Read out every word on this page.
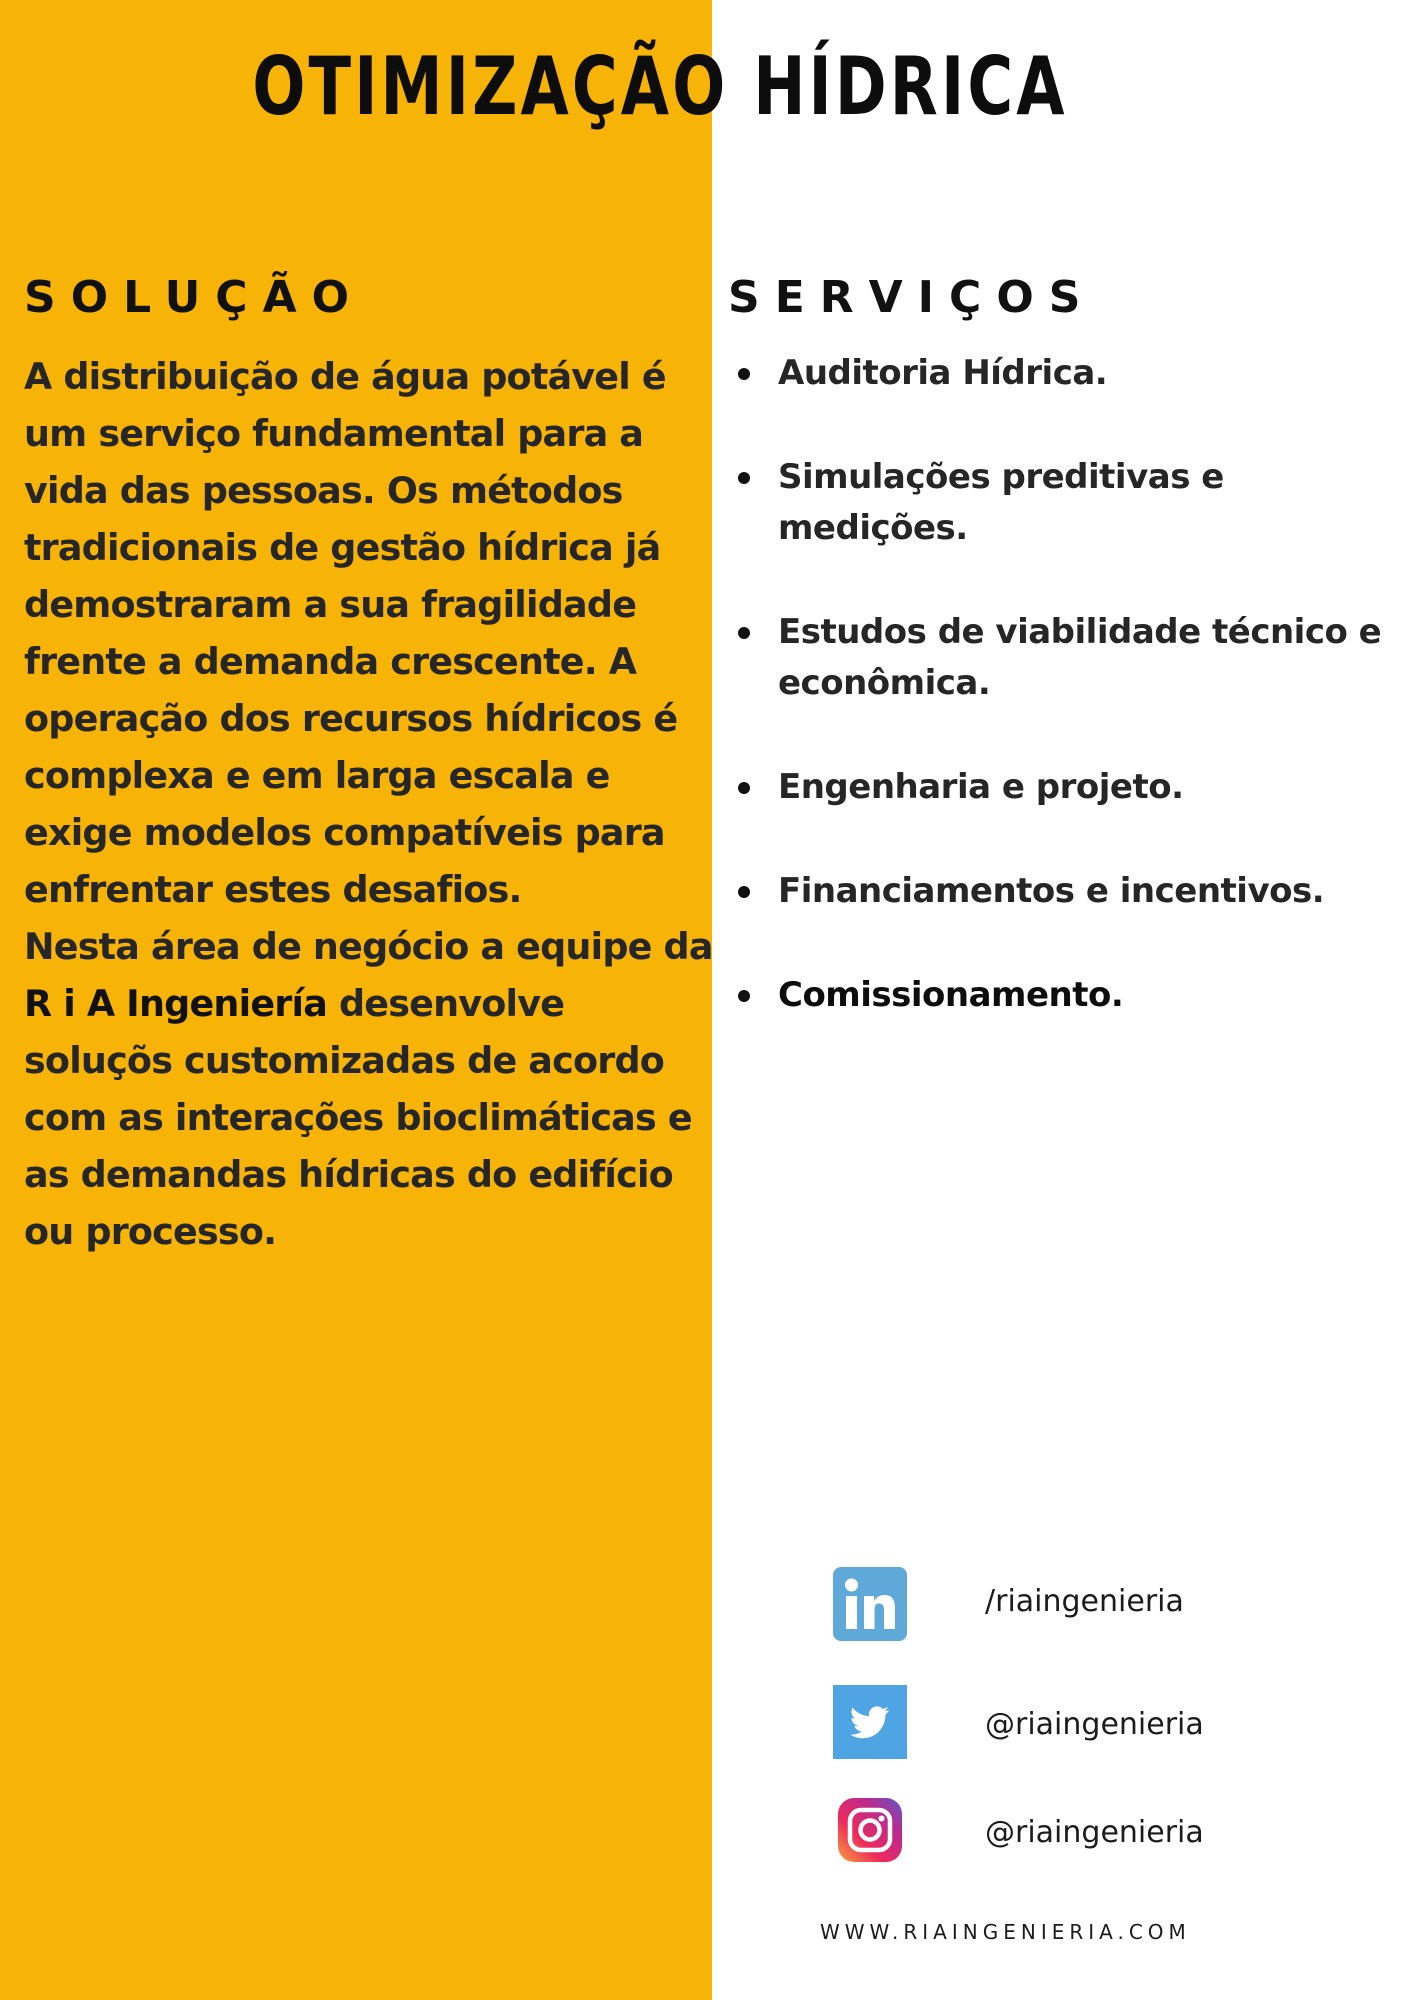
OTIMIZAÇÃO HÍDRICA
SOLUÇÃO	SERVIÇOS

A distribuição de água potável é um serviço fundamental para a vida das pessoas. Os métodos tradicionais de gestão hídrica já demostraram a sua fragilidade frente a demanda crescente. A operação dos recursos hídricos é complexa e em larga escala e exige modelos compatíveis para enfrentar estes desafios.

Nesta área de negócio a equipe da R i A Ingeniería desenvolve soluçõs customizadas de acordo com as interações bioclimáticas e as demandas hídricas do edifício ou processo.

Auditoria Hídrica.
Simulações preditivas e medições.
Estudos de viabilidade técnico e econômica.
Engenharia e projeto.
Financiamentos e incentivos.
Comissionamento.
/riaingenieria
@riaingenieria
@riaingenieria
WWW.RIAINGENIERIA.COM
